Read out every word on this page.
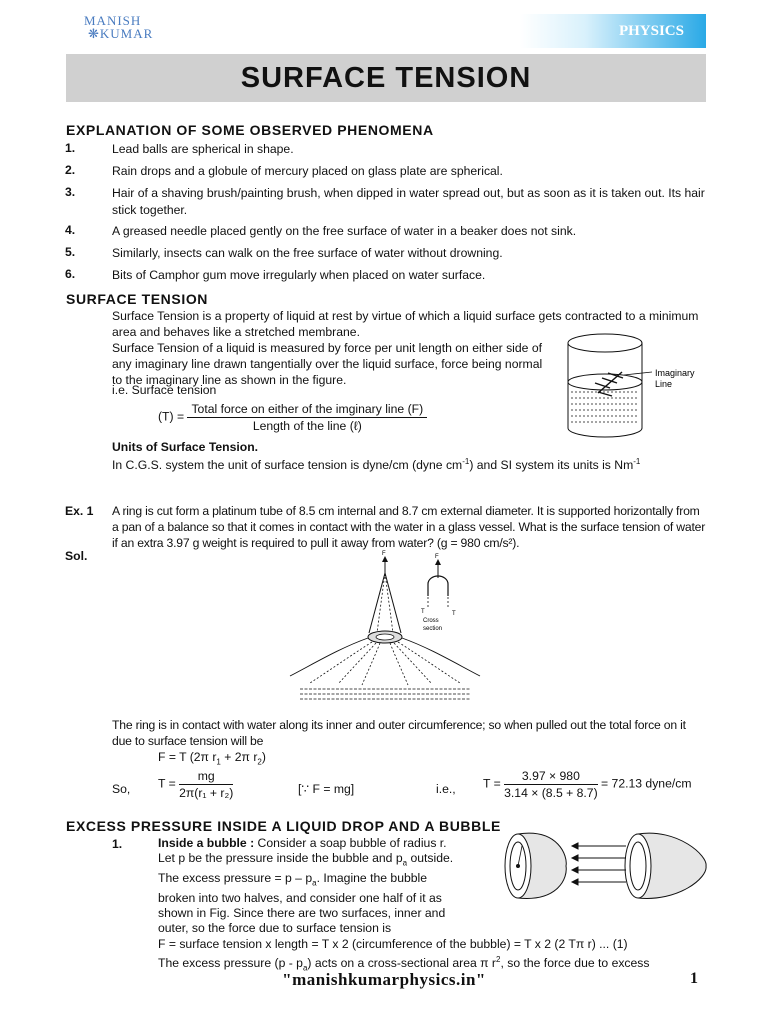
MANISH
❋KUMAR	PHYSICS
SURFACE TENSION
EXPLANATION OF SOME OBSERVED PHENOMENA
1.	Lead balls are spherical in shape.
2.	Rain drops and a globule of mercury placed on glass plate are spherical.
3.	Hair of a shaving brush/painting brush, when dipped in water spread out, but as soon as it is taken out. Its hair stick together.
4.	A greased needle placed gently on the free surface of water in a beaker does not sink.
5.	Similarly, insects can walk on the free surface of water without drowning.
6.	Bits of Camphor gum move irregularly when placed on water surface.
SURFACE TENSION
Surface Tension is a property of liquid at rest by virtue of which a liquid surface gets contracted to a minimum area and behaves like a stretched membrane.
Surface Tension of a liquid is measured by force per unit length on either side of any imaginary line drawn tangentially over the liquid surface, force being normal to the imaginary line as shown in the figure.
i.e. Surface tension
$(T) = \frac{\text{Total force on either of the imginary line (F)}}{\text{Length of the line (ℓ)}}$
Imaginary
Line
Units of Surface Tension.
In C.G.S. system the unit of surface tension is dyne/cm (dyne $cm^{-1}$) and SI system its units is $Nm^{-1}$
Ex. 1 A ring is cut form a platinum tube of 8.5 cm internal and 8.7 cm external diameter. It is supported horizontally from a pan of a balance so that it comes in contact with the water in a glass vessel. What is the surface tension of water if an extra 3.97 g weight is required to pull it away from water? (g = 980 cm/s²).
Sol.	F	F
T	T
Cross
section
The ring is in contact with water along its inner and outer circumference; so when pulled out the total force on it due to surface tension will be
F = T (2π $r_1 + 2\pi$ $r_2$)
So, $T = \frac{mg}{\text{2π(r₁ + r₂)}}$	[∵ F = mg]	i.e., $T = \frac{3.97 \times 980}{3.14 \times (8.5 + 8.7)} = 72.13$ dyne/cm
EXCESS PRESSURE INSIDE A LIQUID DROP AND A BUBBLE
1.	Inside a bubble : Consider a soap bubble of radius r.
Let p be the pressure inside the bubble and $p_a$ outside.
The excess pressure = p – $p_a$. Imagine the bubble
broken into two halves, and consider one half of it as
shown in Fig. Since there are two surfaces, inner and
outer, so the force due to surface tension is
F = surface tension x length = T x 2 (circumference of the bubble) = T x 2 (2 Tπ r) ... (1)
The excess pressure $(p - p_a)$ acts on a cross-sectional area π $r^2$, so the force due to excess
"manishkumarphysics.in"	1
